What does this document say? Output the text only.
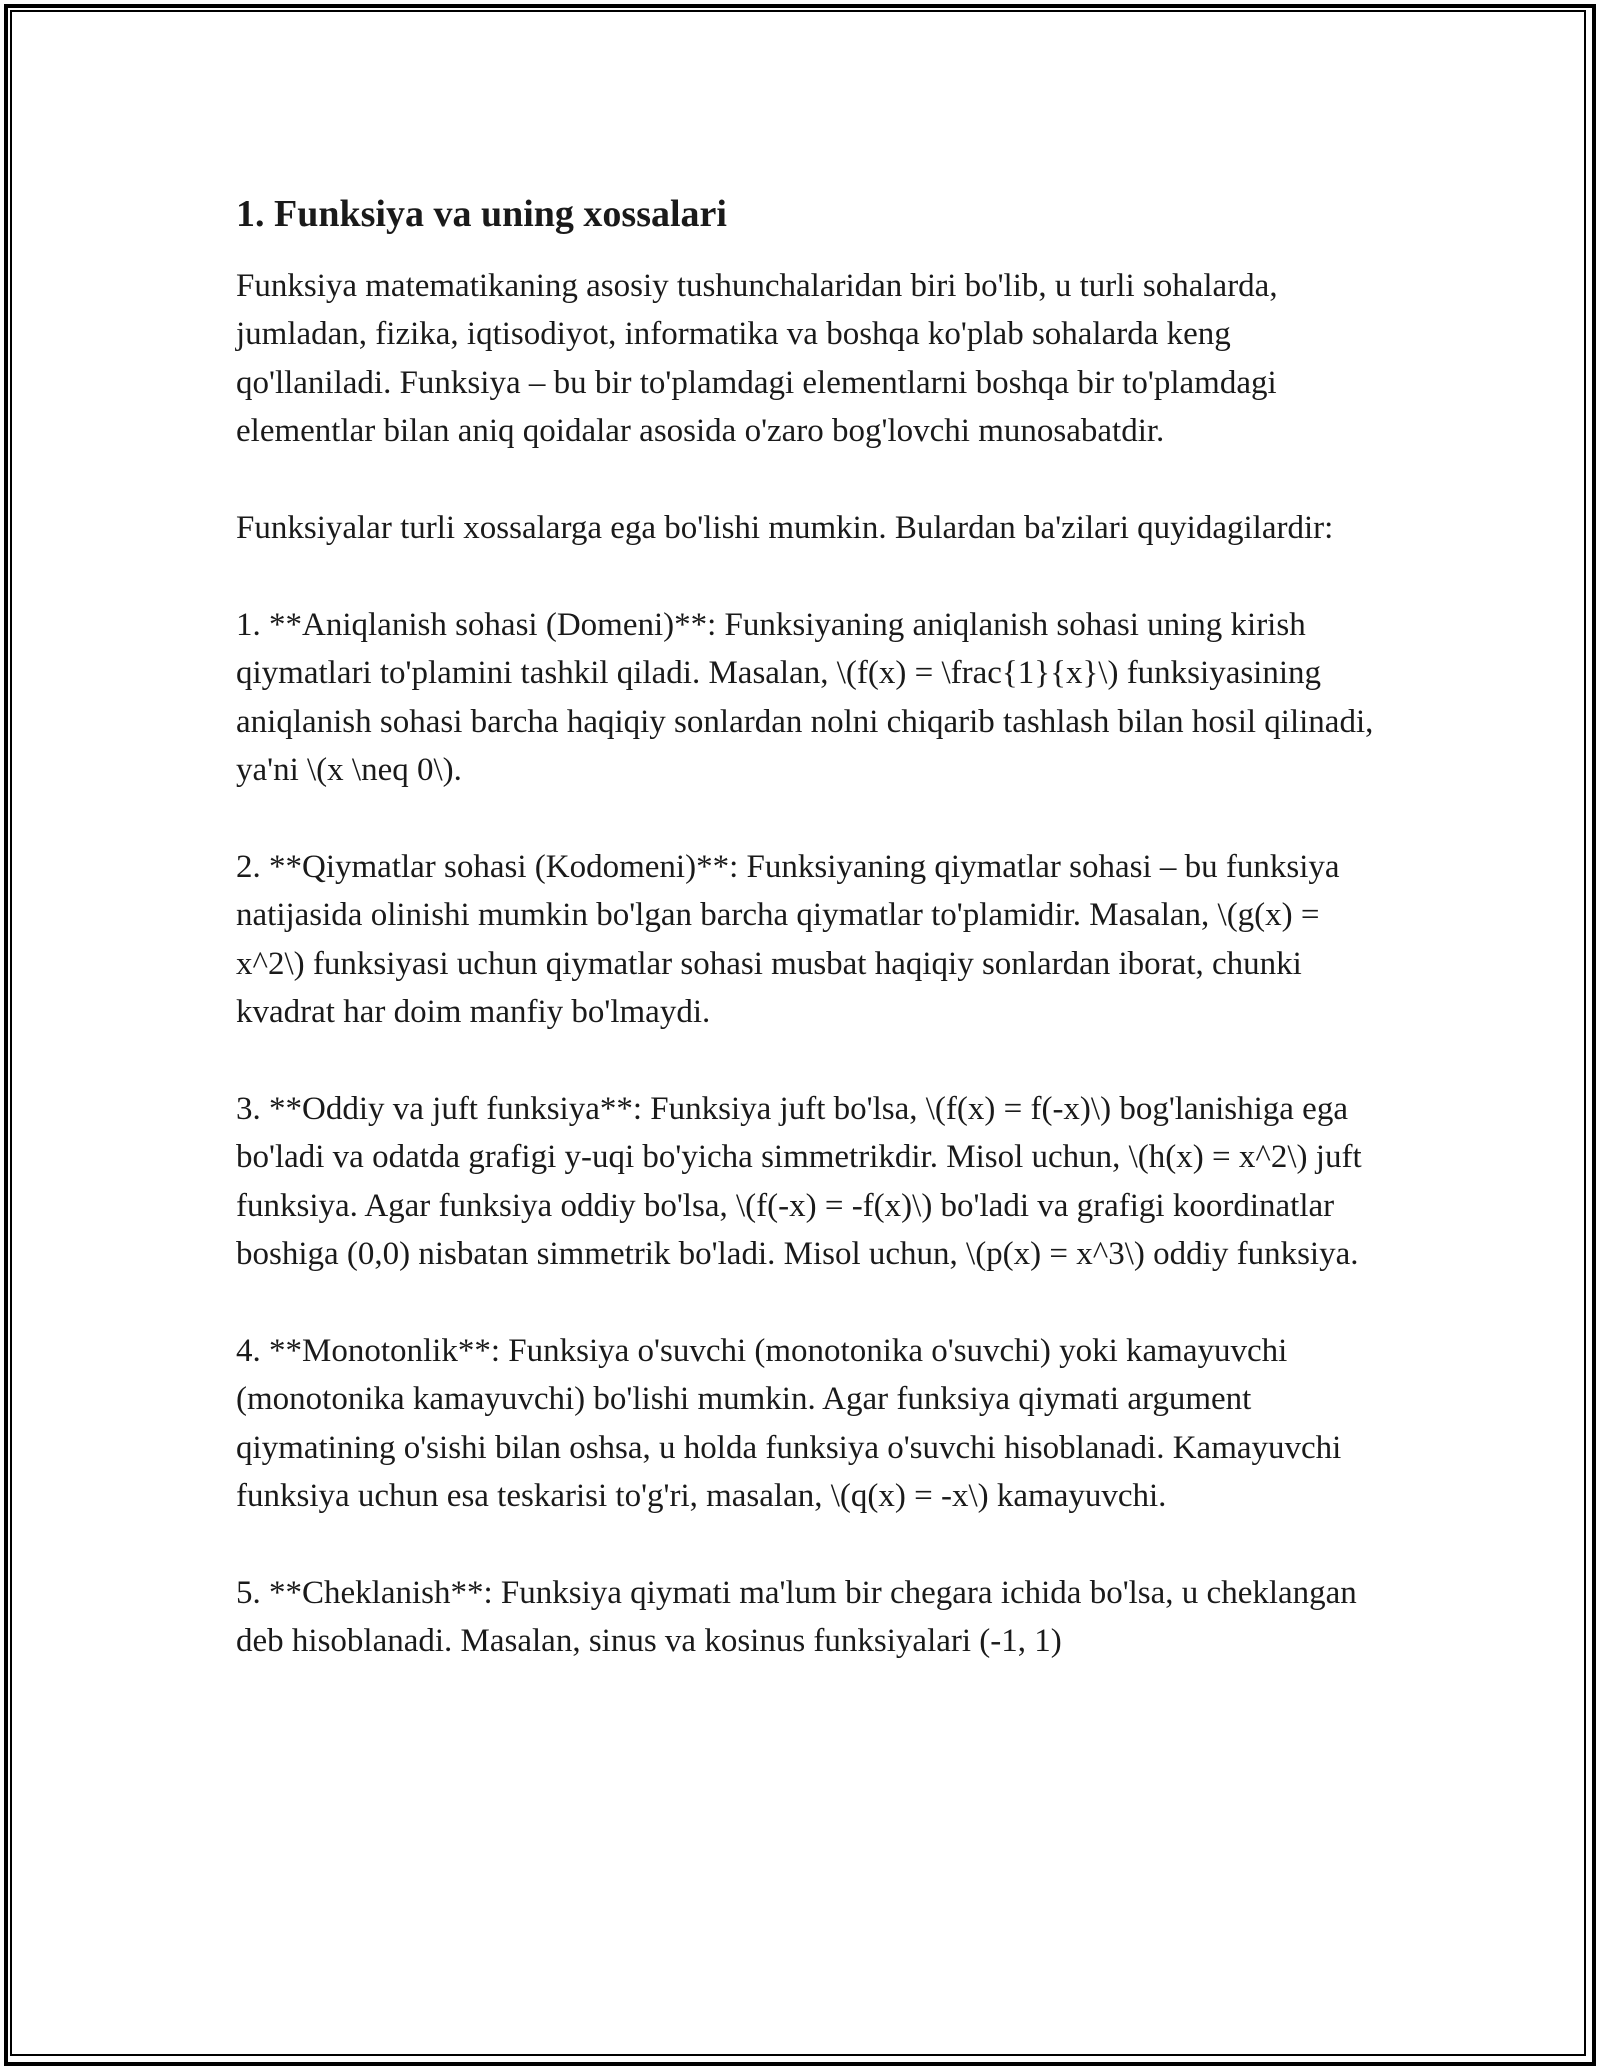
1. Funksiya va uning xossalari

Funksiya matematikaning asosiy tushunchalaridan biri bo'lib, u turli sohalarda, jumladan, fizika, iqtisodiyot, informatika va boshqa ko'plab sohalarda keng qo'llaniladi. Funksiya – bu bir to'plamdagi elementlarni boshqa bir to'plamdagi elementlar bilan aniq qoidalar asosida o'zaro bog'lovchi munosabatdir.

Funksiyalar turli xossalarga ega bo'lishi mumkin. Bulardan ba'zilari quyidagilardir:

1. **Aniqlanish sohasi (Domeni)**: Funksiyaning aniqlanish sohasi uning kirish qiymatlari to'plamini tashkil qiladi. Masalan, \(f(x) = \frac{1}{x}\) funksiyasining aniqlanish sohasi barcha haqiqiy sonlardan nolni chiqarib tashlash bilan hosil qilinadi, ya'ni \(x \neq 0\).

2. **Qiymatlar sohasi (Kodomeni)**: Funksiyaning qiymatlar sohasi – bu funksiya natijasida olinishi mumkin bo'lgan barcha qiymatlar to'plamidir. Masalan, \(g(x) = x^2\) funksiyasi uchun qiymatlar sohasi musbat haqiqiy sonlardan iborat, chunki kvadrat har doim manfiy bo'lmaydi.

3. **Oddiy va juft funksiya**: Funksiya juft bo'lsa, \(f(x) = f(-x)\) bog'lanishiga ega bo'ladi va odatda grafigi y-uqi bo'yicha simmetrikdir. Misol uchun, \(h(x) = x^2\) juft funksiya. Agar funksiya oddiy bo'lsa, \(f(-x) = -f(x)\) bo'ladi va grafigi koordinatlar boshiga (0,0) nisbatan simmetrik bo'ladi. Misol uchun, \(p(x) = x^3\) oddiy funksiya.

4. **Monotonlik**: Funksiya o'suvchi (monotonika o'suvchi) yoki kamayuvchi (monotonika kamayuvchi) bo'lishi mumkin. Agar funksiya qiymati argument qiymatining o'sishi bilan oshsa, u holda funksiya o'suvchi hisoblanadi. Kamayuvchi funksiya uchun esa teskarisi to'g'ri, masalan, \(q(x) = -x\) kamayuvchi.

5. **Cheklanish**: Funksiya qiymati ma'lum bir chegara ichida bo'lsa, u cheklangan deb hisoblanadi. Masalan, sinus va kosinus funksiyalari (-1, 1)
